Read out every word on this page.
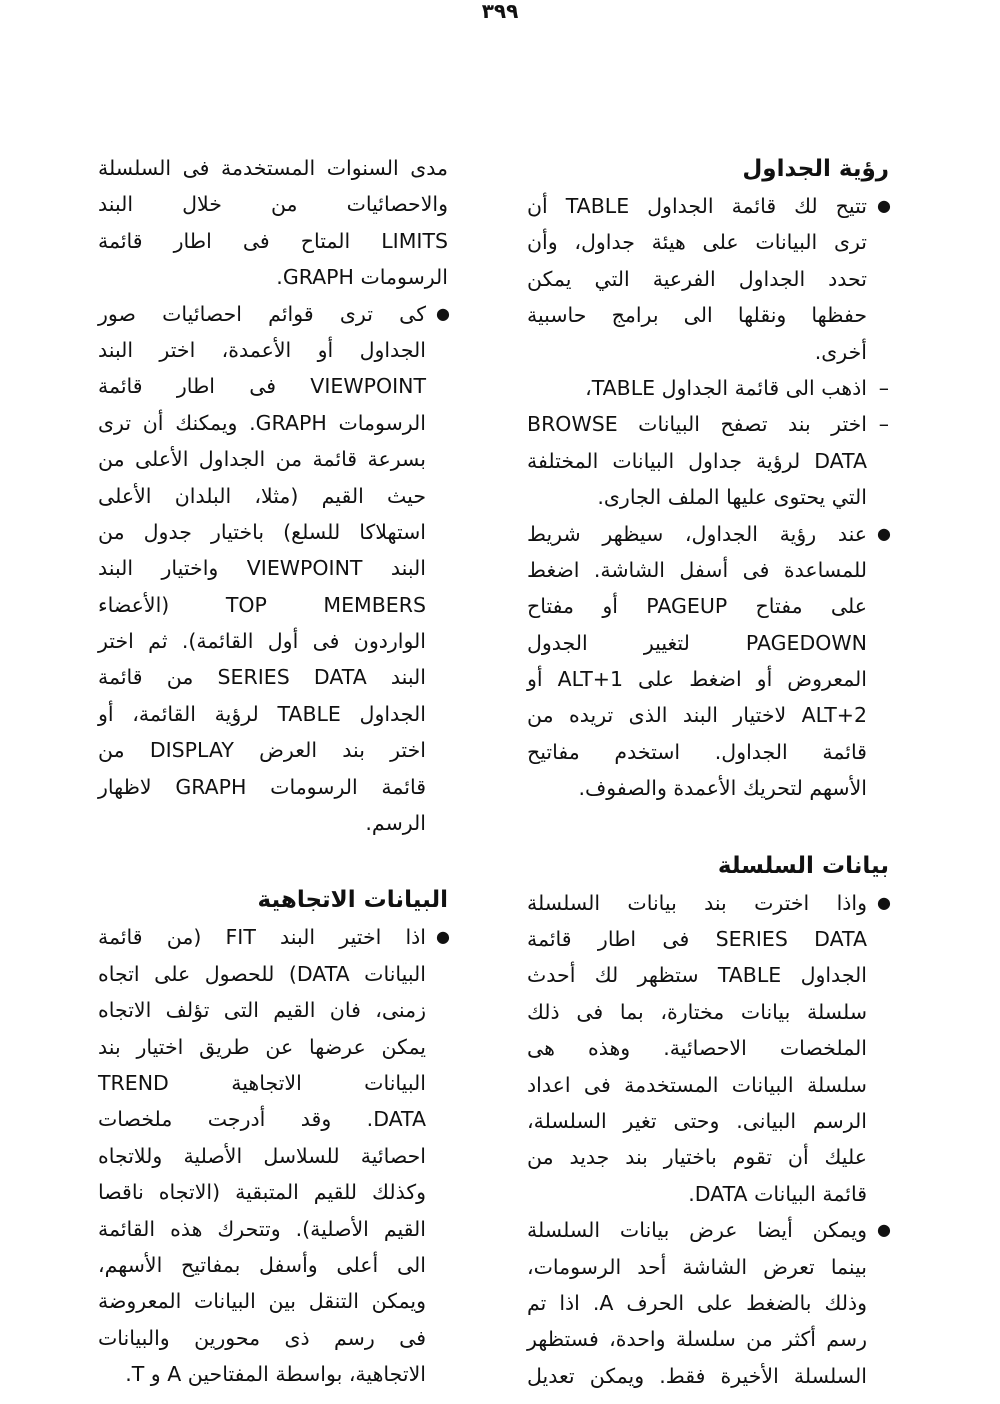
٣٩٩
رؤية الجداول
●
تتيح لك قائمة الجداول TABLE أن
ترى البيانات على هيئة جداول، وأن
تحدد الجداول الفرعية التي يمكن
حفظها ونقلها الى برامج حاسبية
أخرى.
–
اذهب الى قائمة الجداول TABLE،
–
اختر بند تصفح البيانات BROWSE
DATA لرؤية جداول البيانات المختلفة
التي يحتوى عليها الملف الجارى.
●
عند رؤية الجداول، سيظهر شريط
للمساعدة فى أسفل الشاشة. اضغط
على مفتاح PAGEUP أو مفتاح
PAGEDOWN لتغيير الجدول
المعروض أو اضغط على ALT+1 أو
ALT+2 لاختيار البند الذى تريده من
قائمة الجداول. استخدم مفاتيح
الأسهم لتحريك الأعمدة والصفوف.
بيانات السلسلة
●
واذا اخترت بند بيانات السلسلة
SERIES DATA فى اطار قائمة
الجداول TABLE ستظهر لك أحدث
سلسلة بيانات مختارة، بما فى ذلك
الملخصات الاحصائية. وهذه هى
سلسلة البيانات المستخدمة فى اعداد
الرسم البيانى. وحتى تغير السلسلة،
عليك أن تقوم باختيار بند جديد من
قائمة البيانات DATA.
●
ويمكن أيضا عرض بيانات السلسلة
بينما تعرض الشاشة أحد الرسومات،
وذلك بالضغط على الحرف A. اذا تم
رسم أكثر من سلسلة واحدة، فستظهر
السلسلة الأخيرة فقط. ويمكن تعديل
مدى السنوات المستخدمة فى السلسلة
والاحصائيات من خلال البند
LIMITS المتاح فى اطار قائمة
الرسومات GRAPH.
●
كى ترى قوائم احصائيات صور
الجداول أو الأعمدة، اختر البند
VIEWPOINT فى اطار قائمة
الرسومات GRAPH. ويمكنك أن ترى
بسرعة قائمة من الجداول الأعلى من
حيث القيم (مثلا، البلدان الأعلى
استهلاكا للسلع) باختيار جدول من
البند VIEWPOINT واختيار البند
TOP MEMBERS (الأعضاء
الواردون فى أول القائمة). ثم اختر
البند SERIES DATA من قائمة
الجداول TABLE لرؤية القائمة، أو
اختر بند العرض DISPLAY من
قائمة الرسومات GRAPH لاظهار
الرسم.
البيانات الاتجاهية
●
اذا اختير البند FIT (من قائمة
البيانات DATA) للحصول على اتجاه
زمنى، فان القيم التى تؤلف الاتجاه
يمكن عرضها عن طريق اختيار بند
البيانات الاتجاهية TREND
DATA. وقد أدرجت ملخصات
احصائية للسلاسل الأصلية وللاتجاه
وكذلك للقيم المتبقية (الاتجاه ناقصا
القيم الأصلية). وتتحرك هذه القائمة
الى أعلى وأسفل بمفاتيح الأسهم،
ويمكن التنقل بين البيانات المعروضة
فى رسم ذى محورين والبيانات
الاتجاهية، بواسطة المفتاحين A و T.
